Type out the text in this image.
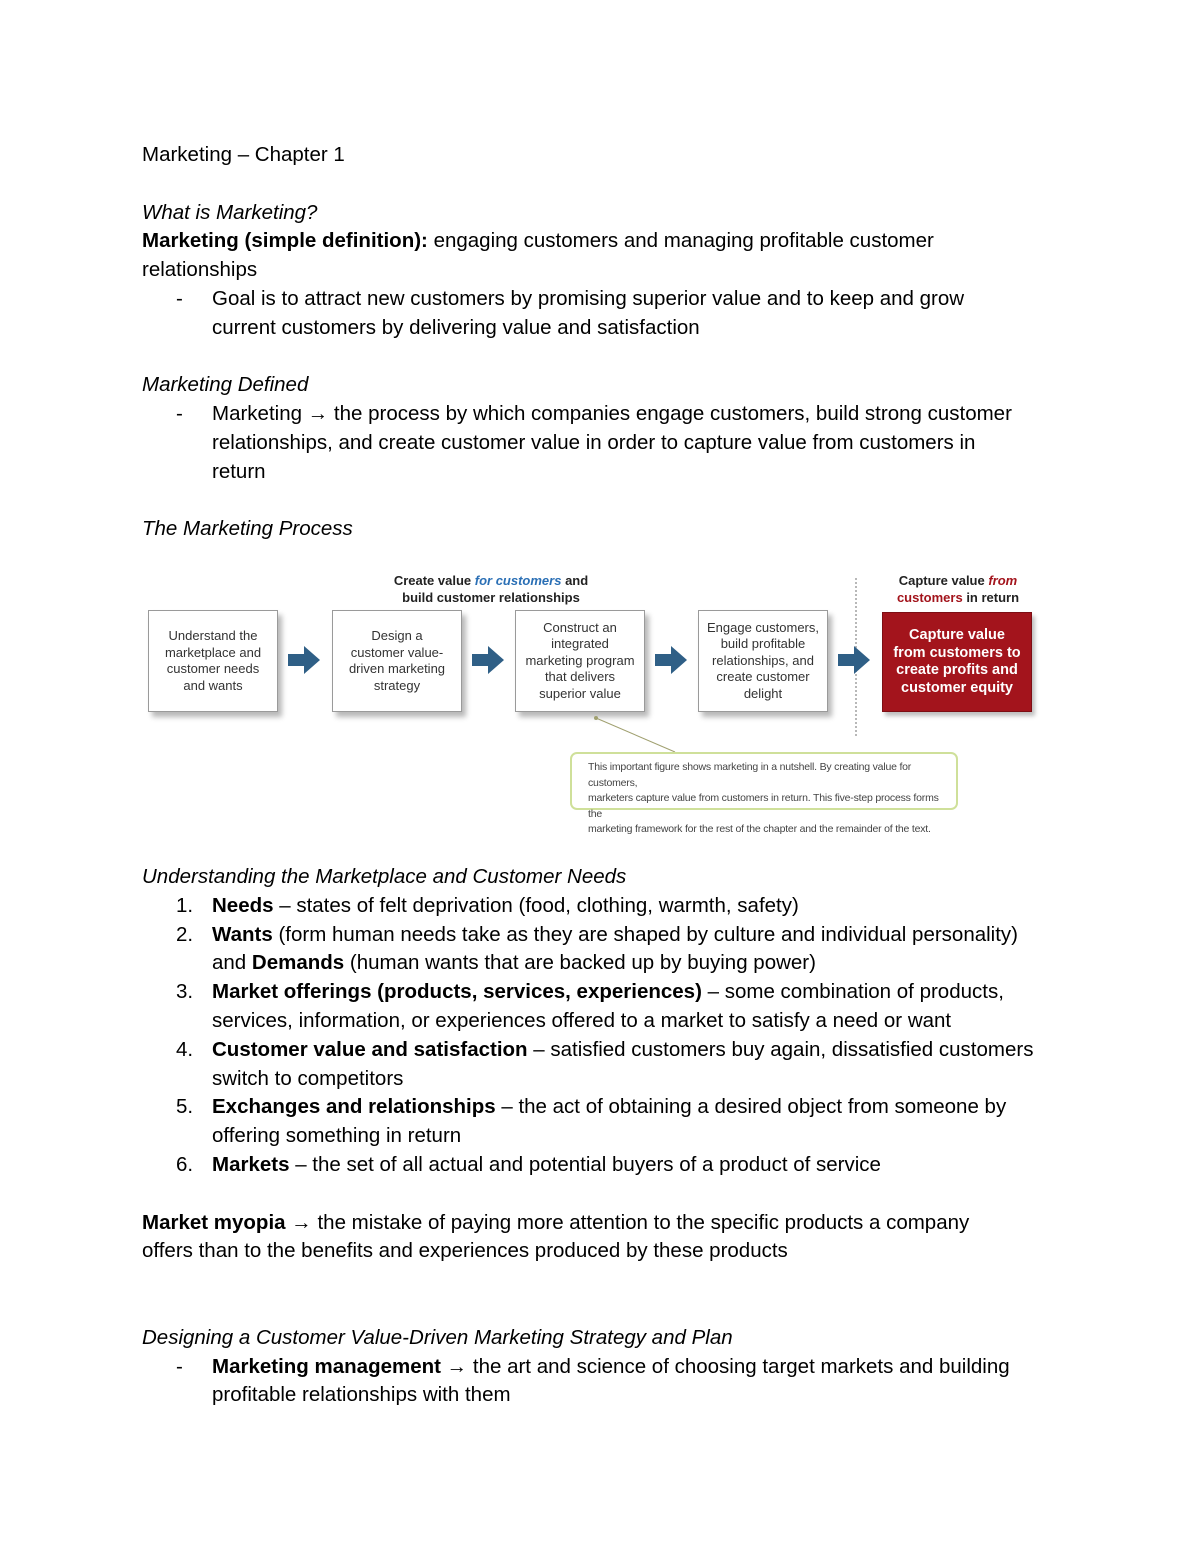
Marketing – Chapter 1

What is Marketing?

Marketing (simple definition): engaging customers and managing profitable customer

relationships

- Goal is to attract new customers by promising superior value and to keep and grow

current customers by delivering value and satisfaction

Marketing Defined

- Marketing → the process by which companies engage customers, build strong customer

relationships, and create customer value in order to capture value from customers in

return

The Marketing Process

Create value for customers and
build customer relationships
Capture value from
customers in return
Understand the
marketplace and
customer needs
and wants
Design a
customer value-
driven marketing
strategy
Construct an
integrated
marketing program
that delivers
superior value
Engage customers,
build profitable
relationships, and
create customer
delight
Capture value
from customers to
create profits and
customer equity
This important figure shows marketing in a nutshell. By creating value for customers,
marketers capture value from customers in return. This five-step process forms the
marketing framework for the rest of the chapter and the remainder of the text.

Understanding the Marketplace and Customer Needs

1. Needs – states of felt deprivation (food, clothing, warmth, safety)

2. Wants (form human needs take as they are shaped by culture and individual personality)

and Demands (human wants that are backed up by buying power)

3. Market offerings (products, services, experiences) – some combination of products,

services, information, or experiences offered to a market to satisfy a need or want

4. Customer value and satisfaction – satisfied customers buy again, dissatisfied customers

switch to competitors

5. Exchanges and relationships – the act of obtaining a desired object from someone by

offering something in return

6. Markets – the set of all actual and potential buyers of a product of service

Market myopia → the mistake of paying more attention to the specific products a company

offers than to the benefits and experiences produced by these products

Designing a Customer Value-Driven Marketing Strategy and Plan

- Marketing management → the art and science of choosing target markets and building

profitable relationships with them
